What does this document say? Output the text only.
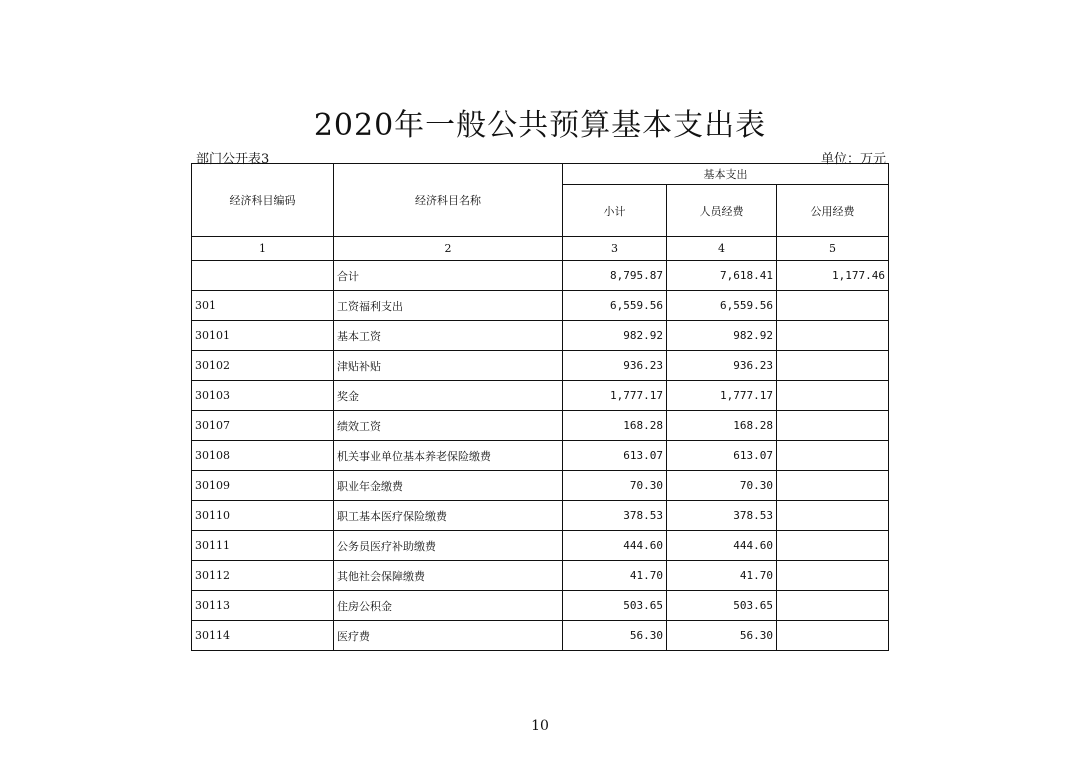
2020年一般公共预算基本支出表
部门公开表3	单位：万元
经济科目编码	经济科目名称	基本支出		
		小计	人员经费	公用经费
1	2	3	4	5
	合计	8,795.87	7,618.41	1,177.46
301	工资福利支出	6,559.56	6,559.56	
30101	基本工资	982.92	982.92	
30102	津贴补贴	936.23	936.23	
30103	奖金	1,777.17	1,777.17	
30107	绩效工资	168.28	168.28	
30108	机关事业单位基本养老保险缴费	613.07	613.07	
30109	职业年金缴费	70.30	70.30	
30110	职工基本医疗保险缴费	378.53	378.53	
30111	公务员医疗补助缴费	444.60	444.60	
30112	其他社会保障缴费	41.70	41.70	
30113	住房公积金	503.65	503.65	
30114	医疗费	56.30	56.30	
10
